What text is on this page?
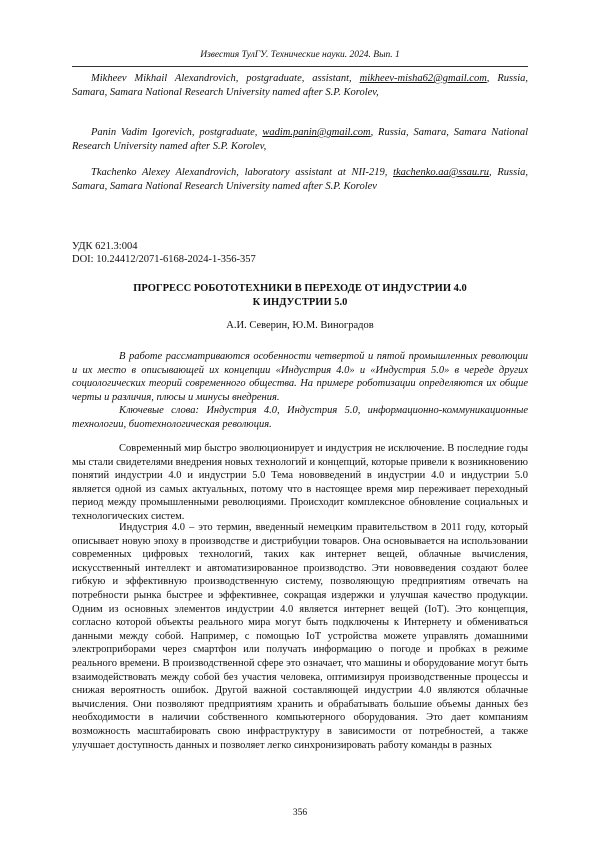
Известия ТулГУ. Технические науки. 2024. Вып. 1

Mikheev Mikhail Alexandrovich, postgraduate, assistant, mikheev-misha62@gmail.com, Russia, Samara, Samara National Research University named after S.P. Korolev,

Panin Vadim Igorevich, postgraduate, wadim.panin@gmail.com, Russia, Samara, Samara National Research University named after S.P. Korolev,

Tkachenko Alexey Alexandrovich, laboratory assistant at NII-219, tkachenko.aa@ssau.ru, Russia, Samara, Samara National Research University named after S.P. Korolev

УДК 621.3:004

DOI: 10.24412/2071-6168-2024-1-356-357

ПРОГРЕСС РОБОТОТЕХНИКИ В ПЕРЕХОДЕ ОТ ИНДУСТРИИ 4.0
К ИНДУСТРИИ 5.0

А.И. Северин, Ю.М. Виноградов

В работе рассматриваются особенности четвертой и пятой промышленных революции и их место в описывающей их концепции «Индустрия 4.0» и «Индустрия 5.0» в череде других социологических теорий современного общества. На примере роботизации определяются их общие черты и различия, плюсы и минусы внедрения.

Ключевые слова: Индустрия 4.0, Индустрия 5.0, информационно-коммуникационные технологии, биотехнологическая революция.

Современный мир быстро эволюционирует и индустрия не исключение. В последние годы мы стали свидетелями внедрения новых технологий и концепций, которые привели к возникновению понятий индустрии 4.0 и индустрии 5.0 Тема нововведений в индустрии 4.0 и индустрии 5.0 является одной из самых актуальных, потому что в настоящее время мир переживает переходный период между промышленными революциями. Происходит комплексное обновление социальных и технологических систем.

Индустрия 4.0 – это термин, введенный немецким правительством в 2011 году, который описывает новую эпоху в производстве и дистрибуции товаров. Она основывается на использовании современных цифровых технологий, таких как интернет вещей, облачные вычисления, искусственный интеллект и автоматизированное производство. Эти нововведения создают более гибкую и эффективную производственную систему, позволяющую предприятиям отвечать на потребности рынка быстрее и эффективнее, сокращая издержки и улучшая качество продукции. Одним из основных элементов индустрии 4.0 является интернет вещей (IoT). Это концепция, согласно которой объекты реального мира могут быть подключены к Интернету и обмениваться данными между собой. Например, с помощью IoT устройства можете управлять домашними электроприборами через смартфон или получать информацию о погоде и пробках в режиме реального времени. В производственной сфере это означает, что машины и оборудование могут быть взаимодействовать между собой без участия человека, оптимизируя производственные процессы и снижая вероятность ошибок. Другой важной составляющей индустрии 4.0 являются облачные вычисления. Они позволяют предприятиям хранить и обрабатывать большие объемы данных без необходимости в наличии собственного компьютерного оборудования. Это дает компаниям возможность масштабировать свою инфраструктуру в зависимости от потребностей, а также улучшает доступность данных и позволяет легко синхронизировать работу команды в разных

356
